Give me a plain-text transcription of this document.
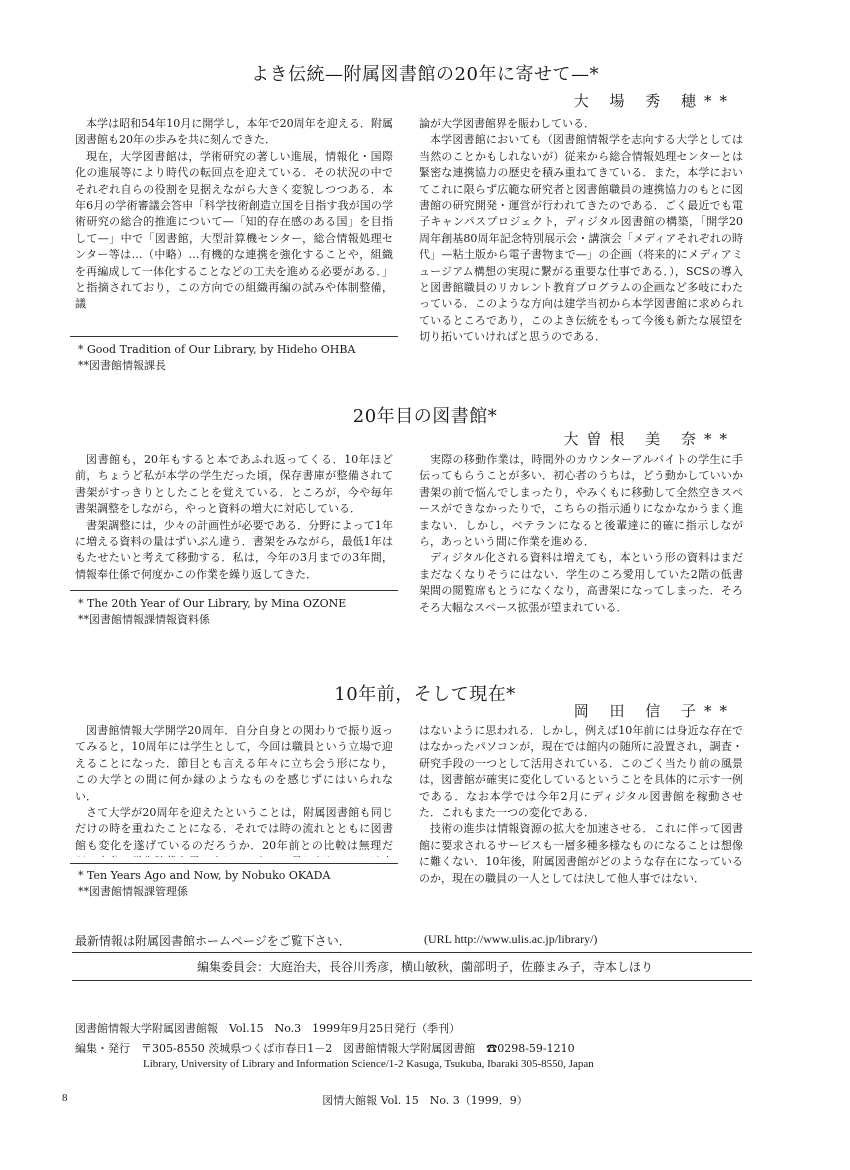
よき伝統—附属図書館の20年に寄せて—*
大 場 秀 穂**

本学は昭和54年10月に開学し，本年で20周年を迎える．附属図書館も20年の歩みを共に刻んできた．

現在，大学図書館は，学術研究の著しい進展，情報化・国際化の進展等により時代の転回点を迎えている．その状況の中でそれぞれ自らの役割を見据えながら大きく変貌しつつある．本年6月の学術審議会答申「科学技術創造立国を目指す我が国の学術研究の総合的推進について—「知的存在感のある国」を目指して—」中で「図書館，大型計算機センター，総合情報処理センター等は…（中略）…有機的な連携を強化することや，組織を再編成して一体化することなどの工夫を進める必要がある．」と指摘されており，この方向での組織再編の試みや体制整備，議

論が大学図書館界を賑わしている．

本学図書館においても（図書館情報学を志向する大学としては当然のことかもしれないが）従来から総合情報処理センターとは緊密な連携協力の歴史を積み重ねてきている．また，本学においてこれに限らず広範な研究者と図書館職員の連携協力のもとに図書館の研究開発・運営が行われてきたのである．ごく最近でも電子キャンパスプロジェクト，ディジタル図書館の構築，「開学20周年創基80周年記念特別展示会・講演会「メディアそれぞれの時代」—粘土版から電子書物まで—」の企画（将来的にメディアミュージアム構想の実現に繋がる重要な仕事である．），SCSの導入と図書館職員のリカレント教育プログラムの企画など多岐にわたっている．このような方向は建学当初から本学図書館に求められているところであり，このよき伝統をもって今後も新たな展望を切り拓いていければと思うのである．

* Good Tradition of Our Library, by Hideho OHBA
**図書館情報課長
20年目の図書館*
大曽根 美 奈**

図書館も，20年もすると本であふれ返ってくる．10年ほど前，ちょうど私が本学の学生だった頃，保存書庫が整備されて書架がすっきりとしたことを覚えている．ところが，今や毎年書架調整をしながら，やっと資料の増大に対応している．

書架調整には，少々の計画性が必要である．分野によって1年に増える資料の量はずいぶん違う．書架をみながら，最低1年はもたせたいと考えて移動する．私は，今年の3月までの3年間，情報奉仕係で何度かこの作業を繰り返してきた．

実際の移動作業は，時間外のカウンターアルバイトの学生に手伝ってもらうことが多い．初心者のうちは，どう動かしていいか書架の前で悩んでしまったり，やみくもに移動して全然空きスペースができなかったりで，こちらの指示通りになかなかうまく進まない．しかし，ベテランになると後輩達に的確に指示しながら，あっという間に作業を進める．

ディジタル化される資料は増えても，本という形の資料はまだまだなくなりそうにはない．学生のころ愛用していた2階の低書架間の閲覧席もとうになくなり，高書架になってしまった．そろそろ大幅なスペース拡張が望まれている．

* The 20th Year of Our Library, by Mina OZONE
**図書館情報課情報資料係
10年前，そして現在*
岡 田 信 子**

図書館情報大学開学20周年．自分自身との関わりで振り返ってみると，10周年には学生として，今回は職員という立場で迎えることになった．節目とも言える年々に立ち会う形になり，この大学との間に何か縁のようなものを感じずにはいられない．

さて大学が20周年を迎えたということは，附属図書館も同じだけの時を重ねたことになる．それでは時の流れとともに図書館も変化を遂げているのだろうか．20年前との比較は無理だ

はないように思われる．しかし，例えば10年前には身近な存在ではなかったパソコンが，現在では館内の随所に設置され，調査・研究手段の一つとして活用されている．このごく当たり前の風景は，図書館が確実に変化しているということを具体的に示す一例である．なお本学では今年2月にディジタル図書館を稼動させた．これもまた一つの変化である．

技術の進歩は情報資源の拡大を加速させる．これに伴って図書館に要求されるサービスも一層多種多様なものになることは想像に難くない．10年後，附属図書館がどのような存在になっているのか，現在の職員の一人としては決して他人事ではない．

* Ten Years Ago and Now, by Nobuko OKADA
**図書館情報課管理係
最新情報は附属図書館ホームページをご覧下さい．	(URL http://www.ulis.ac.jp/library/)
編集委員会：大庭治夫，長谷川秀彦，横山敏秋，薗部明子，佐藤まみ子，寺本しほり
図書館情報大学附属図書館報　Vol.15　No.3　1999年9月25日発行（季刊）
編集・発行　〒305-8550 茨城県つくば市春日1－2　図書館情報大学附属図書館　☎0298-59-1210
Library, University of Library and Information Science/1-2 Kasuga, Tsukuba, Ibaraki 305-8550, Japan
8	図情大館報 Vol. 15　No. 3（1999．9）
